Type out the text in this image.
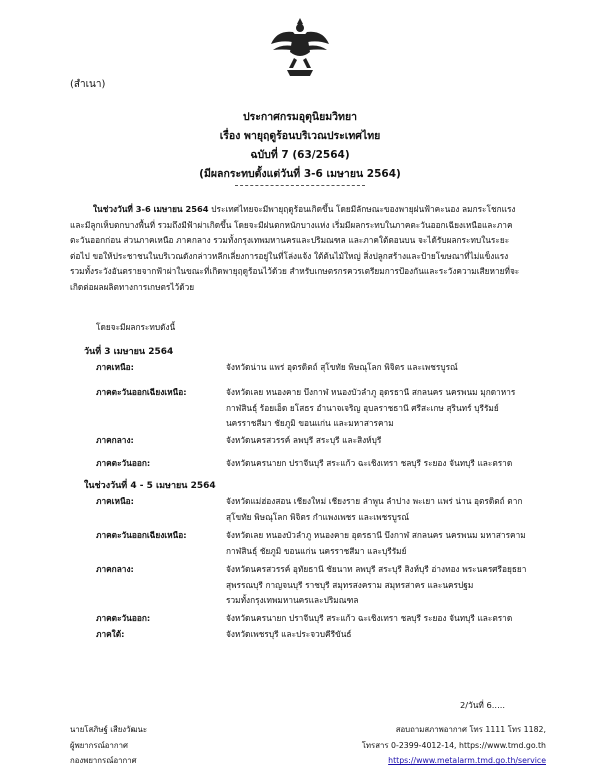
(สำเนา)
ประกาศกรมอุตุนิยมวิทยา
เรื่อง พายุฤดูร้อนบริเวณประเทศไทย
ฉบับที่ 7 (63/2564)
(มีผลกระทบตั้งแต่วันที่ 3-6 เมษายน 2564)

ในช่วงวันที่ 3-6 เมษายน 2564 ประเทศไทยจะมีพายุฤดูร้อนเกิดขึ้น โดยมีลักษณะของพายุฝนฟ้าคะนอง ลมกระโชกแรง

และมีลูกเห็บตกบางพื้นที่ รวมถึงมีฟ้าผ่าเกิดขึ้น โดยจะมีฝนตกหนักบางแห่ง เริ่มมีผลกระทบในภาคตะวันออกเฉียงเหนือและภาค

ตะวันออกก่อน ส่วนภาคเหนือ ภาคกลาง รวมทั้งกรุงเทพมหานครและปริมณฑล และภาคใต้ตอนบน จะได้รับผลกระทบในระยะ

ต่อไป ขอให้ประชาชนในบริเวณดังกล่าวหลีกเลี่ยงการอยู่ในที่โล่งแจ้ง ใต้ต้นไม้ใหญ่ สิ่งปลูกสร้างและป้ายโฆษณาที่ไม่แข็งแรง

รวมทั้งระวังอันตรายจากฟ้าผ่าในขณะที่เกิดพายุฤดูร้อนไว้ด้วย สำหรับเกษตรกรควรเตรียมการป้องกันและระวังความเสียหายที่จะ

เกิดต่อผลผลิตทางการเกษตรไว้ด้วย

โดยจะมีผลกระทบดังนี้
วันที่ 3 เมษายน 2564
ภาคเหนือ:	จังหวัดน่าน แพร่ อุตรดิตถ์ สุโขทัย พิษณุโลก พิจิตร และเพชรบูรณ์
ภาคตะวันออกเฉียงเหนือ:	จังหวัดเลย หนองคาย บึงกาฬ หนองบัวลำภู อุดรธานี สกลนคร นครพนม มุกดาหาร
กาฬสินธุ์ ร้อยเอ็ด ยโสธร อำนาจเจริญ อุบลราชธานี ศรีสะเกษ สุรินทร์ บุรีรัมย์
นครราชสีมา ชัยภูมิ ขอนแก่น และมหาสารคาม
ภาคกลาง:	จังหวัดนครสวรรค์ ลพบุรี สระบุรี และสิงห์บุรี
ภาคตะวันออก:	จังหวัดนครนายก ปราจีนบุรี สระแก้ว ฉะเชิงเทรา ชลบุรี ระยอง จันทบุรี และตราด
ในช่วงวันที่ 4 - 5 เมษายน 2564
ภาคเหนือ:	จังหวัดแม่ฮ่องสอน เชียงใหม่ เชียงราย ลำพูน ลำปาง พะเยา แพร่ น่าน อุตรดิตถ์ ตาก
สุโขทัย พิษณุโลก พิจิตร กำแพงเพชร และเพชรบูรณ์
ภาคตะวันออกเฉียงเหนือ:	จังหวัดเลย หนองบัวลำภู หนองคาย อุดรธานี บึงกาฬ สกลนคร นครพนม มหาสารคาม
กาฬสินธุ์ ชัยภูมิ ขอนแก่น นครราชสีมา และบุรีรัมย์
ภาคกลาง:	จังหวัดนครสวรรค์ อุทัยธานี ชัยนาท ลพบุรี สระบุรี สิงห์บุรี อ่างทอง พระนครศรีอยุธยา
สุพรรณบุรี กาญจนบุรี ราชบุรี สมุทรสงคราม สมุทรสาคร และนครปฐม
รวมทั้งกรุงเทพมหานครและปริมณฑล
ภาคตะวันออก:	จังหวัดนครนายก ปราจีนบุรี สระแก้ว ฉะเชิงเทรา ชลบุรี ระยอง จันทบุรี และตราด
ภาคใต้:	จังหวัดเพชรบุรี และประจวบคีรีขันธ์
2/วันที่ 6.....
นายโสภิษฐ์ เสียงวัฒนะ
ผู้พยากรณ์อากาศ
กองพยากรณ์อากาศ
สอบถามสภาพอากาศ โทร 1111 โทร 1182,
โทรสาร 0-2399-4012-14, https://www.tmd.go.th
https://www.metalarm.tmd.go.th/service
